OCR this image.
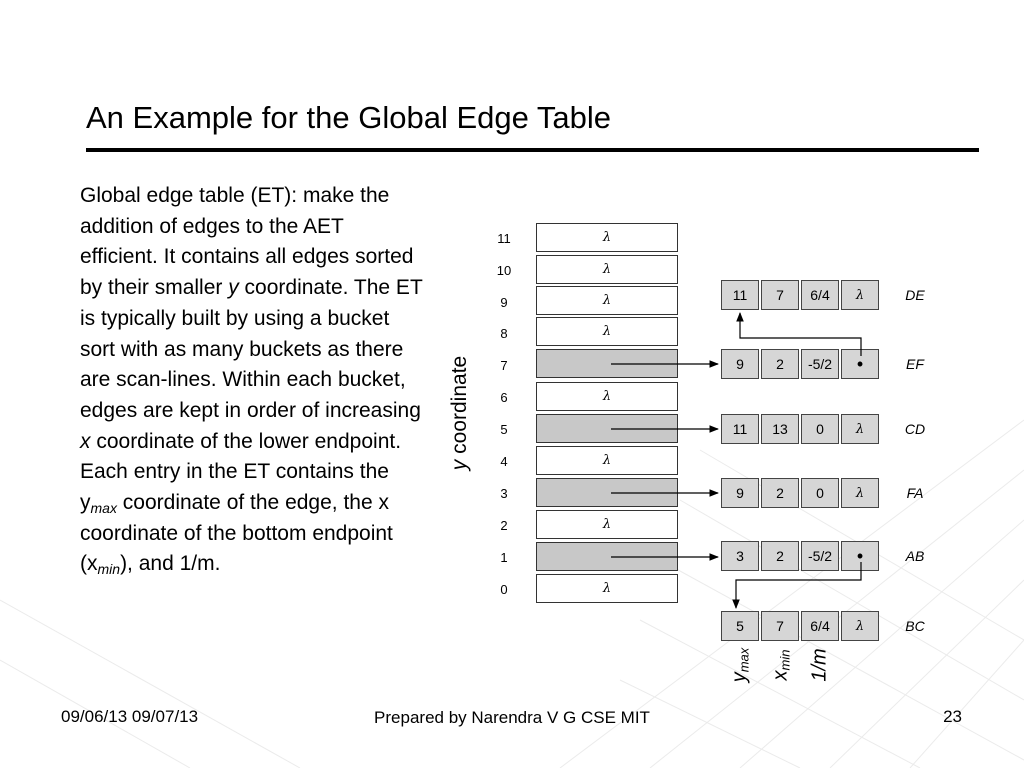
An Example for the Global Edge Table
Global edge table (ET): make the addition of edges to the AET efficient. It contains all edges sorted by their smaller y coordinate. The ET is typically built by using a bucket sort with as many buckets as there are scan-lines. Within each bucket, edges are kept in order of increasing x coordinate of the lower endpoint. Each entry in the ET contains the $y_{max}$ coordinate of the edge, the x coordinate of the bottom endpoint $(x_{min})$, and 1/m.
y coordinate
11	λ
10	λ
9	λ
8	λ
7
6	λ
5
4	λ
3
2	λ
1
0	λ
11	7	6/4	λ	DE
9	2	-5/2	•	EF
11	13	0	λ	CD
9	2	0	λ	FA
3	2	-5/2	•	AB
5	7	6/4	λ	BC
$y_{max}$
$x_{min}$ 1/m
09/06/13 09/07/13	Prepared by Narendra V G CSE MIT	23
